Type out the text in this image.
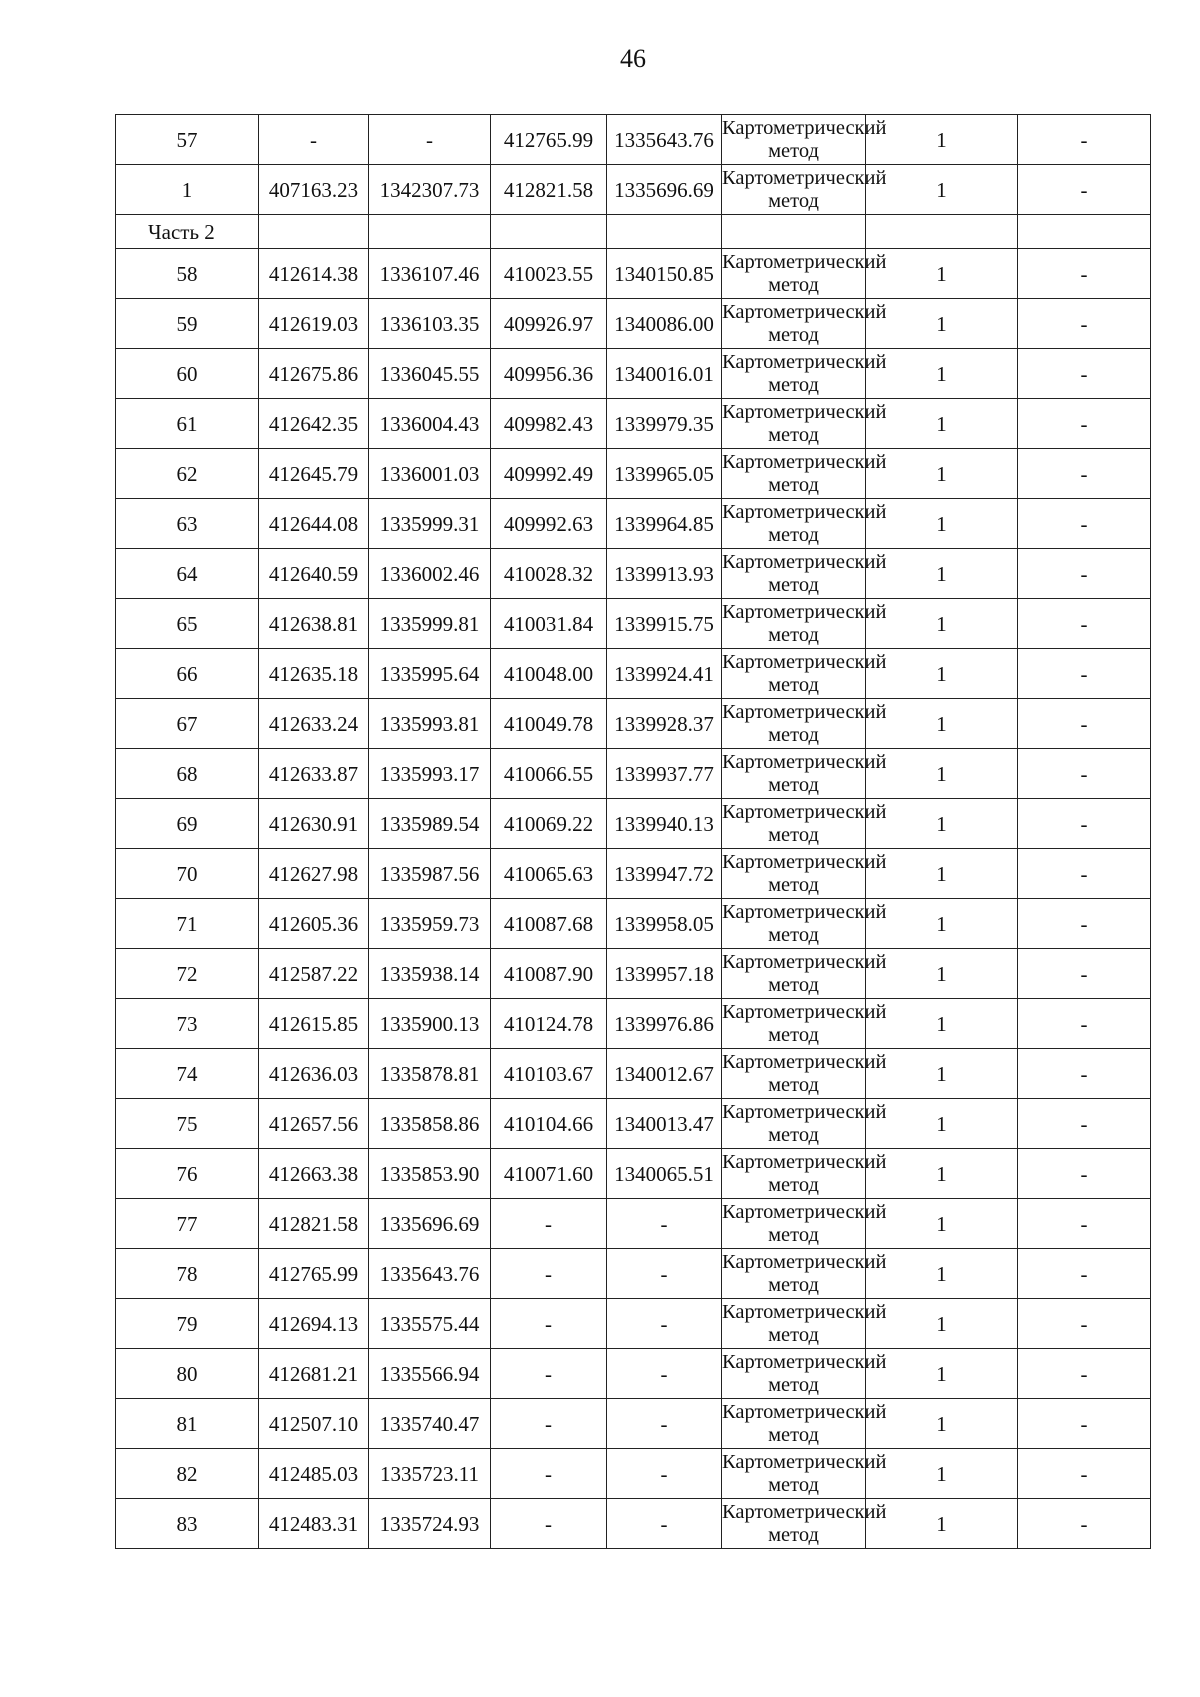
46
57	-	-	412765.99	1335643.76	Картометрический метод	1	-
1	407163.23	1342307.73	412821.58	1335696.69	Картометрический метод	1	-
Часть 2							
58	412614.38	1336107.46	410023.55	1340150.85	Картометрический метод	1	-
59	412619.03	1336103.35	409926.97	1340086.00	Картометрический метод	1	-
60	412675.86	1336045.55	409956.36	1340016.01	Картометрический метод	1	-
61	412642.35	1336004.43	409982.43	1339979.35	Картометрический метод	1	-
62	412645.79	1336001.03	409992.49	1339965.05	Картометрический метод	1	-
63	412644.08	1335999.31	409992.63	1339964.85	Картометрический метод	1	-
64	412640.59	1336002.46	410028.32	1339913.93	Картометрический метод	1	-
65	412638.81	1335999.81	410031.84	1339915.75	Картометрический метод	1	-
66	412635.18	1335995.64	410048.00	1339924.41	Картометрический метод	1	-
67	412633.24	1335993.81	410049.78	1339928.37	Картометрический метод	1	-
68	412633.87	1335993.17	410066.55	1339937.77	Картометрический метод	1	-
69	412630.91	1335989.54	410069.22	1339940.13	Картометрический метод	1	-
70	412627.98	1335987.56	410065.63	1339947.72	Картометрический метод	1	-
71	412605.36	1335959.73	410087.68	1339958.05	Картометрический метод	1	-
72	412587.22	1335938.14	410087.90	1339957.18	Картометрический метод	1	-
73	412615.85	1335900.13	410124.78	1339976.86	Картометрический метод	1	-
74	412636.03	1335878.81	410103.67	1340012.67	Картометрический метод	1	-
75	412657.56	1335858.86	410104.66	1340013.47	Картометрический метод	1	-
76	412663.38	1335853.90	410071.60	1340065.51	Картометрический метод	1	-
77	412821.58	1335696.69	-	-	Картометрический метод	1	-
78	412765.99	1335643.76	-	-	Картометрический метод	1	-
79	412694.13	1335575.44	-	-	Картометрический метод	1	-
80	412681.21	1335566.94	-	-	Картометрический метод	1	-
81	412507.10	1335740.47	-	-	Картометрический метод	1	-
82	412485.03	1335723.11	-	-	Картометрический метод	1	-
83	412483.31	1335724.93	-	-	Картометрический метод	1	-
